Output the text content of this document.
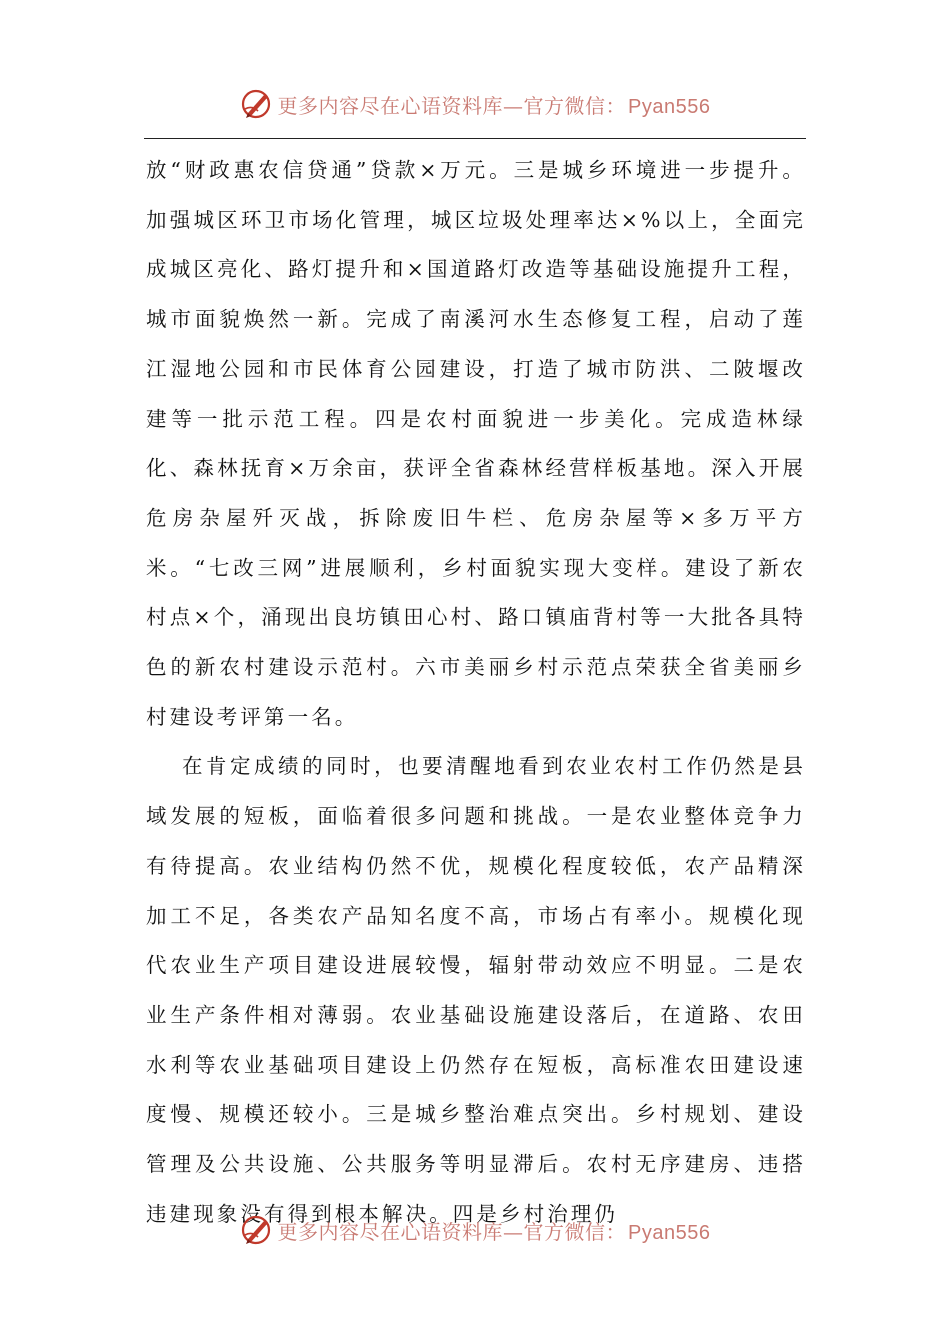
更多内容尽在心语资料库—官方微信： Pyan556

放“财政惠农信贷通”贷款×万元。三是城乡环境进一步提升。加强城区环卫市场化管理，城区垃圾处理率达×%以上，全面完成城区亮化、路灯提升和×国道路灯改造等基础设施提升工程，城市面貌焕然一新。完成了南溪河水生态修复工程，启动了莲江湿地公园和市民体育公园建设，打造了城市防洪、二陂堰改建等一批示范工程。四是农村面貌进一步美化。完成造林绿化、森林抚育×万余亩，获评全省森林经营样板基地。深入开展危房杂屋歼灭战，拆除废旧牛栏、危房杂屋等×多万平方米。“七改三网”进展顺利，乡村面貌实现大变样。建设了新农村点×个，涌现出良坊镇田心村、路口镇庙背村等一大批各具特色的新农村建设示范村。六市美丽乡村示范点荣获全省美丽乡村建设考评第一名。

在肯定成绩的同时，也要清醒地看到农业农村工作仍然是县域发展的短板，面临着很多问题和挑战。一是农业整体竞争力有待提高。农业结构仍然不优，规模化程度较低，农产品精深加工不足，各类农产品知名度不高，市场占有率小。规模化现代农业生产项目建设进展较慢，辐射带动效应不明显。二是农业生产条件相对薄弱。农业基础设施建设落后，在道路、农田水利等农业基础项目建设上仍然存在短板，高标准农田建设速度慢、规模还较小。三是城乡整治难点突出。乡村规划、建设管理及公共设施、公共服务等明显滞后。农村无序建房、违搭违建现象没有得到根本解决。四是乡村治理仍

更多内容尽在心语资料库—官方微信： Pyan556
